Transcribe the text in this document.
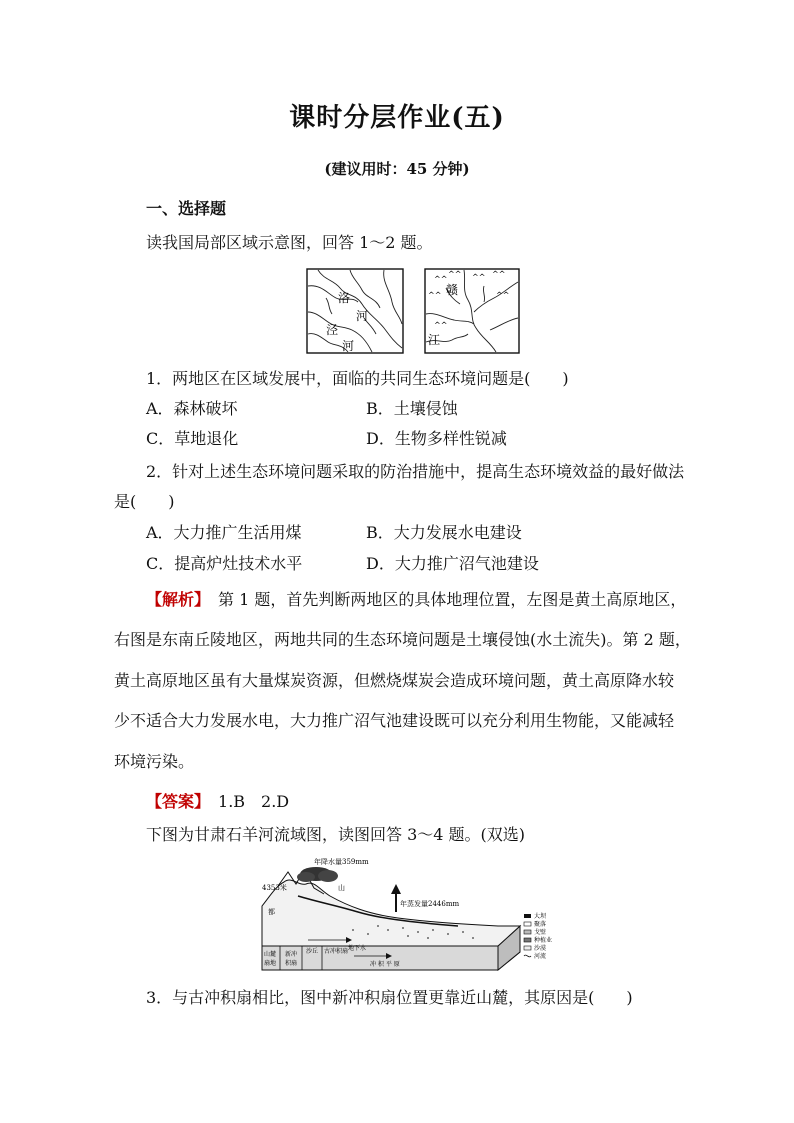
课时分层作业(五)
(建议用时：45 分钟)
一、选择题
读我国局部区域示意图，回答 1～2 题。
洛
河
泾
河
^^
^^ ^^ ^^
^^	^^
^^
赣
江
1．两地区在区域发展中，面临的共同生态环境问题是(　　)
A．森林破坏	B．土壤侵蚀
C．草地退化	D．生物多样性锐减
2．针对上述生态环境问题采取的防治措施中，提高生态环境效益的最好做法
是(　　)
A．大力推广生活用煤	B．大力发展水电建设
C．提高炉灶技术水平	D．大力推广沼气池建设
【解析】　第 1 题，首先判断两地区的具体地理位置，左图是黄土高原地区，
右图是东南丘陵地区，两地共同的生态环境问题是土壤侵蚀(水土流失)。第 2 题，
黄土高原地区虽有大量煤炭资源，但燃烧煤炭会造成环境问题，黄土高原降水较
少不适合大力发展水电，大力推广沼气池建设既可以充分利用生物能，又能减轻
环境污染。
【答案】　1.B　2.D
下图为甘肃石羊河流域图，读图回答 3～4 题。(双选)
年降水量359mm
4353米
年蒸发量2446mm
山
都
山麓
扇地
新冲
积扇
沙丘 古冲积扇 地下水
冲 积 平 原
大坝
聚落
戈壁
种植业
沙漠
河流
3．与古冲积扇相比，图中新冲积扇位置更靠近山麓，其原因是(　　)
